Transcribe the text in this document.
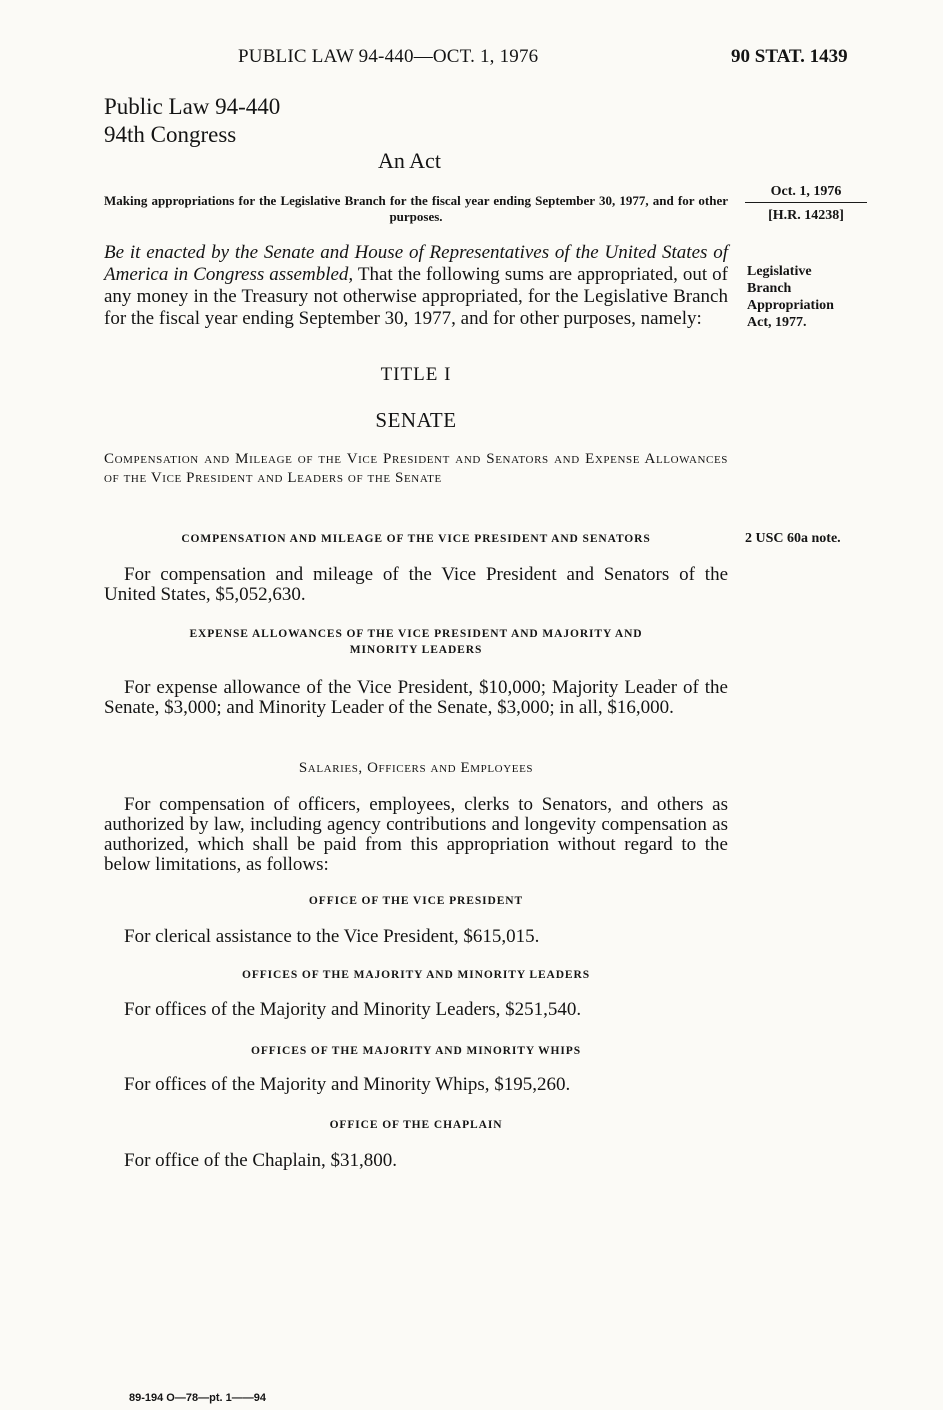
PUBLIC LAW 94-440—OCT. 1, 1976	90 STAT. 1439

Public Law 94-440

94th Congress

An Act

Making appropriations for the Legislative Branch for the fiscal year ending September 30, 1977, and for other purposes.

Oct. 1, 1976
[H.R. 14238]

Be it enacted by the Senate and House of Representatives of the United States of America in Congress assembled, That the following sums are appropriated, out of any money in the Treasury not otherwise appropriated, for the Legislative Branch for the fiscal year ending September 30, 1977, and for other purposes, namely:

Legislative
Branch
Appropriation
Act, 1977.

TITLE I

SENATE

Compensation and Mileage of the Vice President and Senators and Expense Allowances of the Vice President and Leaders of the Senate

COMPENSATION AND MILEAGE OF THE VICE PRESIDENT AND SENATORS	2 USC 60a note.

For compensation and mileage of the Vice President and Senators of the United States, $5,052,630.

EXPENSE ALLOWANCES OF THE VICE PRESIDENT AND MAJORITY AND MINORITY LEADERS

For expense allowance of the Vice President, $10,000; Majority Leader of the Senate, $3,000; and Minority Leader of the Senate, $3,000; in all, $16,000.

Salaries, Officers and Employees

For compensation of officers, employees, clerks to Senators, and others as authorized by law, including agency contributions and longevity compensation as authorized, which shall be paid from this appropriation without regard to the below limitations, as follows:

OFFICE OF THE VICE PRESIDENT

For clerical assistance to the Vice President, $615,015.

OFFICES OF THE MAJORITY AND MINORITY LEADERS

For offices of the Majority and Minority Leaders, $251,540.

OFFICES OF THE MAJORITY AND MINORITY WHIPS

For offices of the Majority and Minority Whips, $195,260.

OFFICE OF THE CHAPLAIN

For office of the Chaplain, $31,800.

89-194 O—78—pt. 1——94
